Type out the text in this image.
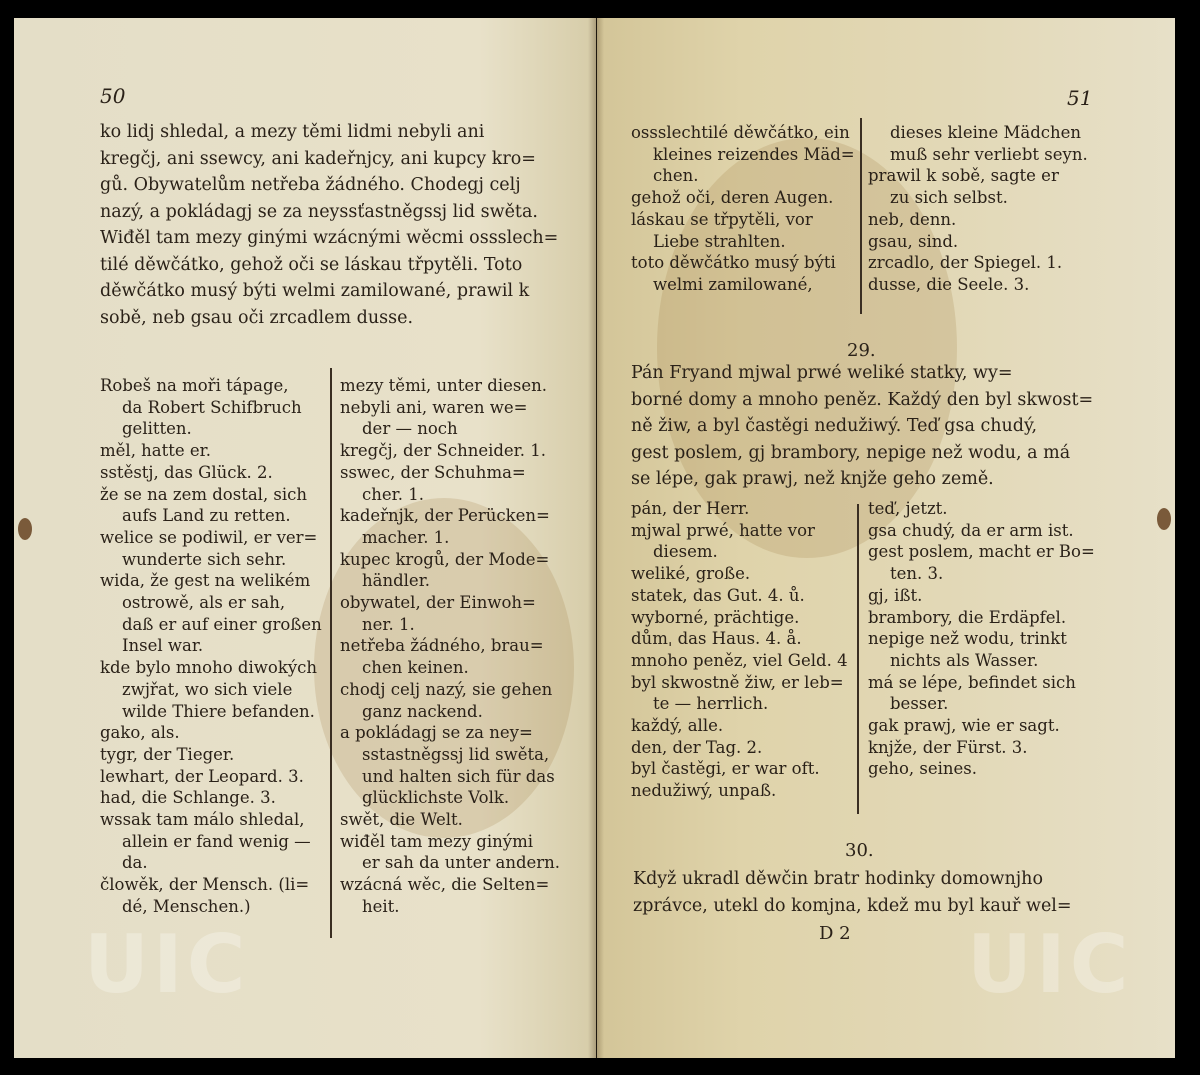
50
ko lidj shledal, a mezy těmi lidmi nebyli ani
kregčj, ani ssewcy, ani kadeřnjcy, ani kupcy kro=
gů. Obywatelům netřeba žádného. Chodegj celj
nazý, a pokládagj se za neyssťastněgssj lid swěta.
Wiđěl tam mezy ginými wzácnými wěcmi ossslech=
tilé děwčátko, gehož oči se láskau třpytěli. Toto
děwčátko musý býti welmi zamilowané, prawil k
sobě, neb gsau oči zrcadlem dusse.
Robeš na moři tápage,
da Robert Schifbruch
gelitten.
měl, hatte er.
sstěstj, das Glück. 2.
že se na zem dostal, sich
aufs Land zu retten.
welice se podiwil, er ver=
wunderte sich sehr.
wida, že gest na welikém
ostrowě, als er sah,
daß er auf einer großen
Insel war.
kde bylo mnoho diwokých
zwjřat, wo sich viele
wilde Thiere befanden.
gako, als.
tygr, der Tieger.
lewhart, der Leopard. 3.
had, die Schlange. 3.
wssak tam málo shledal,
allein er fand wenig —
da.
člowěk, der Mensch. (li=
dé, Menschen.)
mezy těmi, unter diesen.
nebyli ani, waren we=
der — noch
kregčj, der Schneider. 1.
sswec, der Schuhma=
cher. 1.
kadeřnjk, der Perücken=
macher. 1.
kupec krogů, der Mode=
händler.
obywatel, der Einwoh=
ner. 1.
netřeba žádného, brau=
chen keinen.
chodj celj nazý, sie gehen
ganz nackend.
a pokládagj se za ney=
sstastněgssj lid swěta,
und halten sich für das
glücklichste Volk.
swět, die Welt.
wiđěl tam mezy ginými
er sah da unter andern.
wzácná wěc, die Selten=
heit.
UIC
51
ossslechtilé děwčátko, ein
kleines reizendes Mäd=
chen.
gehož oči, deren Augen.
láskau se třpytěli, vor
Liebe strahlten.
toto děwčátko musý býti
welmi zamilowané,
dieses kleine Mädchen
muß sehr verliebt seyn.
prawil k sobě, sagte er
zu sich selbst.
neb, denn.
gsau, sind.
zrcadlo, der Spiegel. 1.
dusse, die Seele. 3.
29.
Pán Fryand mjwal prwé weliké statky, wy=
borné domy a mnoho peněz. Každý den byl skwost=
ně žiw, a byl častěgi nedužiwý. Teď gsa chudý,
gest poslem, gj brambory, nepige než wodu, a má
se lépe, gak prawj, než knjže geho země.
pán, der Herr.
mjwal prwé, hatte vor
diesem.
weliké, große.
statek, das Gut. 4. ů.
wyborné, prächtige.
důmˌ das Haus. 4. å.
mnoho peněz, viel Geld. 4
byl skwostně žiw, er leb=
te — herrlich.
každý, alle.
den, der Tag. 2.
byl častěgi, er war oft.
nedužiwý, unpaß.
teď, jetzt.
gsa chudý, da er arm ist.
gest poslem, macht er Bo=
ten. 3.
gj, ißt.
brambory, die Erdäpfel.
nepige než wodu, trinkt
nichts als Wasser.
má se lépe, befindet sich
besser.
gak prawj, wie er sagt.
knjže, der Fürst. 3.
geho, seines.
30.
Když ukradl děwčin bratr hodinky domownjho
zprávce, utekl do komjna, kdež mu byl kauř wel=
D 2 UIC
